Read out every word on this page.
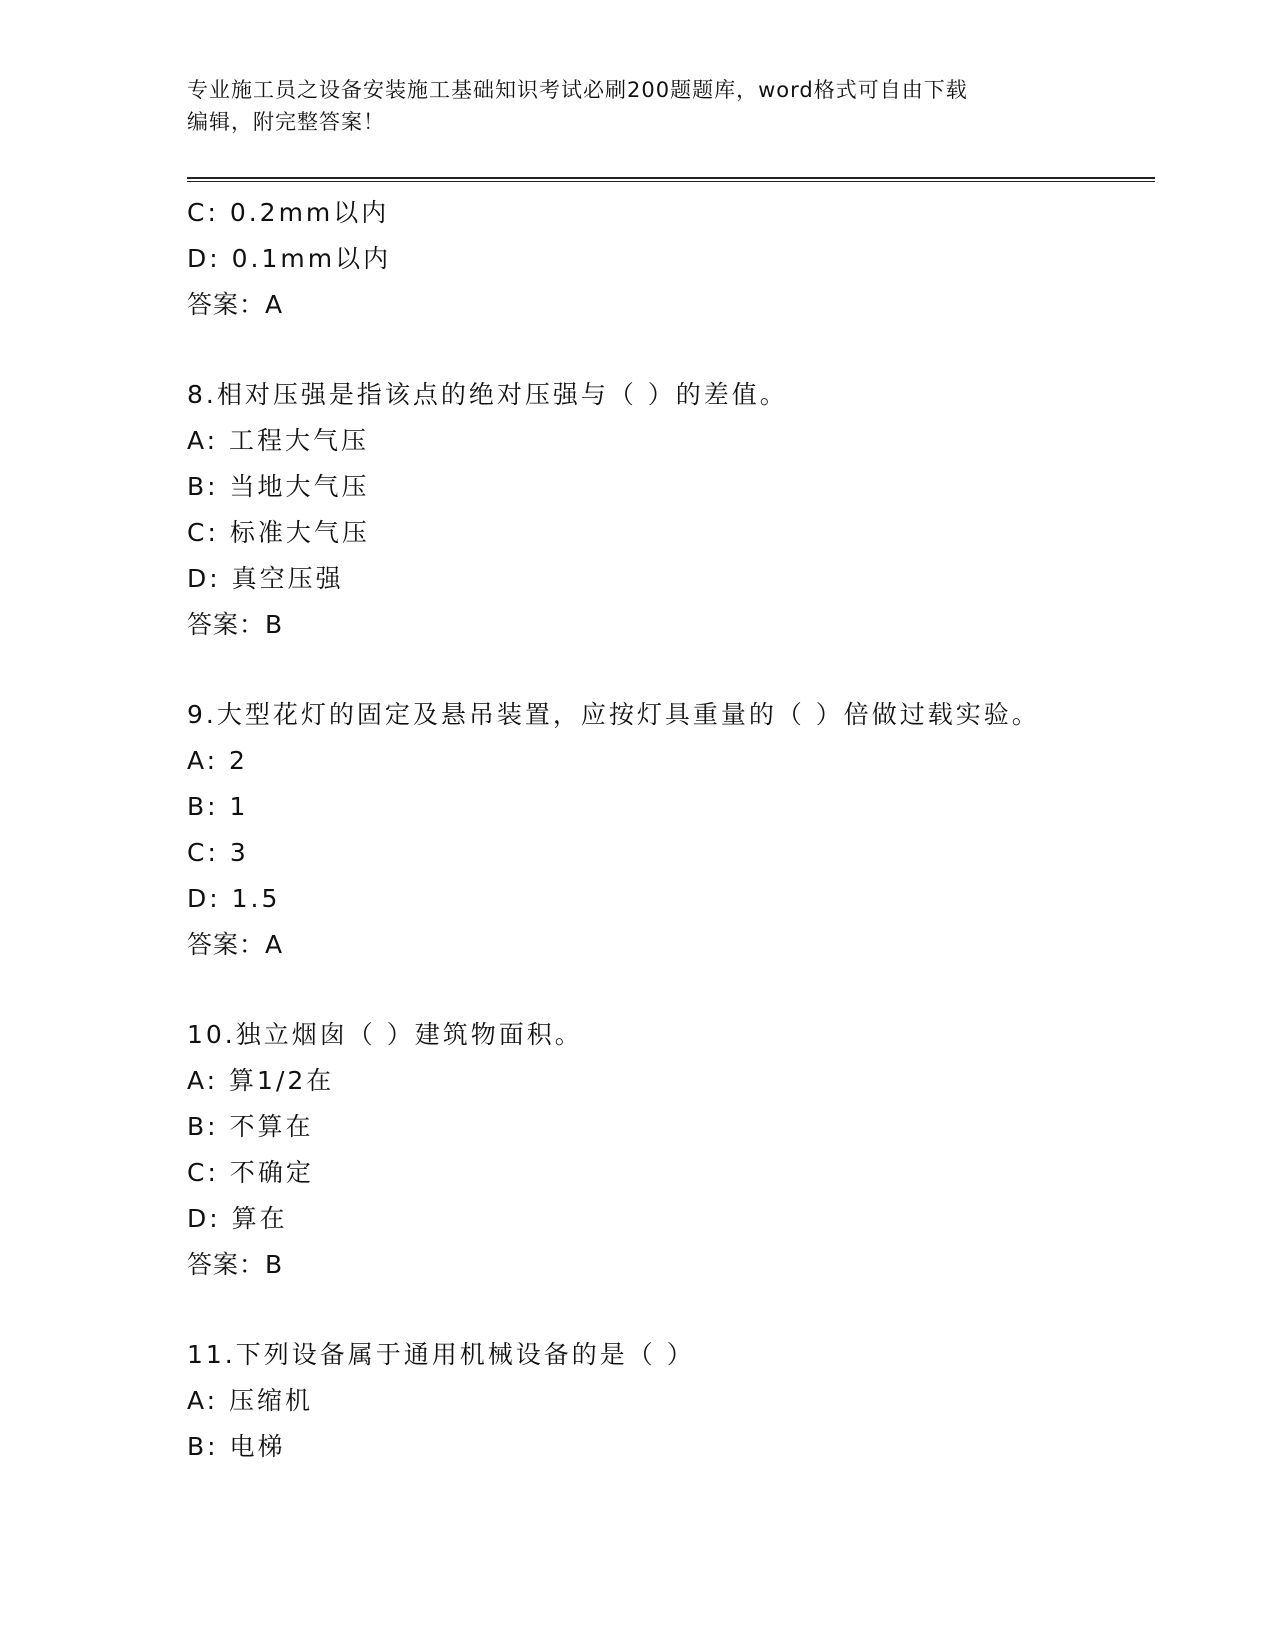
专业施工员之设备安装施工基础知识考试必刷200题题库，word格式可自由下载
编辑，附完整答案！
C: 0.2mm以内
D: 0.1mm以内
答案：A
8.相对压强是指该点的绝对压强与（ ）的差值。
A: 工程大气压
B: 当地大气压
C: 标准大气压
D: 真空压强
答案：B
9.大型花灯的固定及悬吊装置，应按灯具重量的（ ）倍做过载实验。
A: 2
B: 1
C: 3
D: 1.5
答案：A
10.独立烟囱（ ）建筑物面积。
A: 算1/2在
B: 不算在
C: 不确定
D: 算在
答案：B
11.下列设备属于通用机械设备的是（ ）
A: 压缩机
B: 电梯
